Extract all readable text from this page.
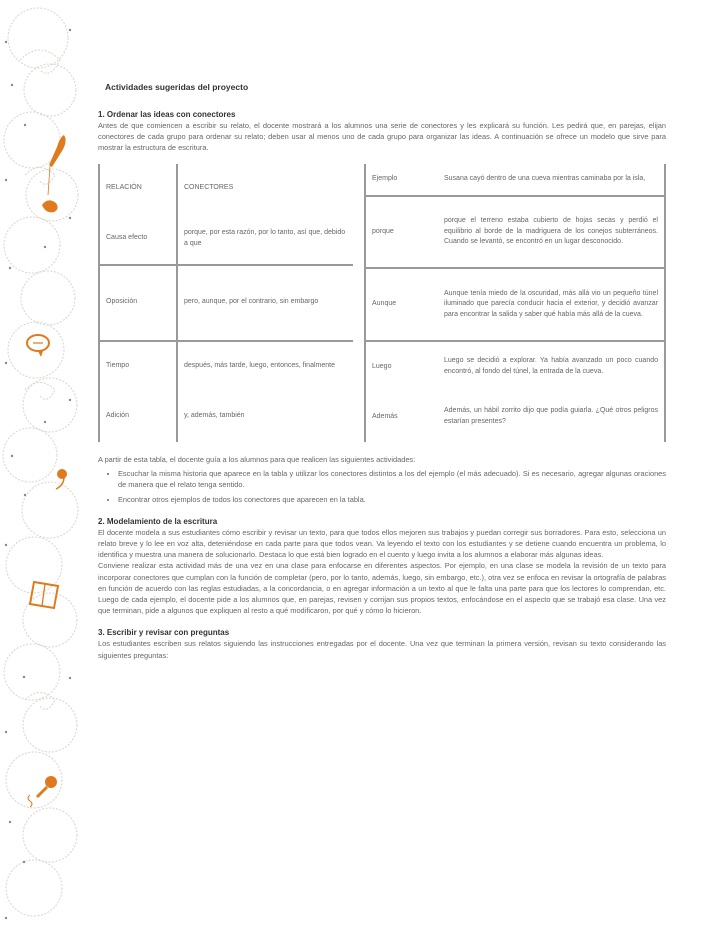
Actividades sugeridas del proyecto
1. Ordenar las ideas con conectores

Antes de que comiencen a escribir su relato, el docente mostrará a los alumnos una serie de conectores y les explicará su función. Les pedirá que, en parejas, elijan conectores de cada grupo para ordenar su relato; deben usar al menos uno de cada grupo para organizar las ideas. A continuación se ofrece un modelo que sirve para mostrar la estructura de escritura.

RELACIÓN	CONECTORES
Causa efecto	porque, por esta razón, por lo tanto, así que, debido a que
Oposición	pero, aunque, por el contrario, sin embargo
Tiempo	después, más tarde, luego, entonces, finalmente
Adición	y, además, también
Ejemplo	Susana cayó dentro de una cueva mientras caminaba por la isla,
porque	porque el terreno estaba cubierto de hojas secas y perdió el equilibrio al borde de la madriguera de los conejos subterráneos. Cuando se levantó, se encontró en un lugar desconocido.
Aunque	Aunque tenía miedo de la oscuridad, más allá vio un pequeño túnel iluminado que parecía conducir hacia el exterior, y decidió avanzar para encontrar la salida y saber qué había más allá de la cueva.
Luego	Luego se decidió a explorar. Ya había avanzado un poco cuando encontró, al fondo del túnel, la entrada de la cueva.
Además	Además, un hábil zorrito dijo que podía guiarla. ¿Qué otros peligros estarían presentes?

A partir de esta tabla, el docente guía a los alumnos para que realicen las siguientes actividades:

• Escuchar la misma historia que aparece en la tabla y utilizar los conectores distintos a los del ejemplo (el más adecuado). Si es necesario, agregar algunas oraciones de manera que el relato tenga sentido.
• Encontrar otros ejemplos de todos los conectores que aparecen en la tabla.
2. Modelamiento de la escritura

El docente modela a sus estudiantes cómo escribir y revisar un texto, para que todos ellos mejoren sus trabajos y puedan corregir sus borradores. Para esto, selecciona un relato breve y lo lee en voz alta, deteniéndose en cada parte para que todos vean. Va leyendo el texto con los estudiantes y se detiene cuando encuentra un problema, lo identifica y muestra una manera de solucionarlo. Destaca lo que está bien logrado en el cuento y luego invita a los alumnos a elaborar más algunas ideas.

Conviene realizar esta actividad más de una vez en una clase para enfocarse en diferentes aspectos. Por ejemplo, en una clase se modela la revisión de un texto para incorporar conectores que cumplan con la función de completar (pero, por lo tanto, además, luego, sin embargo, etc.), otra vez se enfoca en revisar la ortografía de palabras en función de acuerdo con las reglas estudiadas, a la concordancia, o en agregar información a un texto al que le falta una parte para que los lectores lo comprendan, etc. Luego de cada ejemplo, el docente pide a los alumnos que, en parejas, revisen y corrijan sus propios textos, enfocándose en el aspecto que se trabajó esa clase. Una vez que terminan, pide a algunos que expliquen al resto a qué modificaron, por qué y cómo lo hicieron.

3. Escribir y revisar con preguntas

Los estudiantes escriben sus relatos siguiendo las instrucciones entregadas por el docente. Una vez que terminan la primera versión, revisan su texto considerando las siguientes preguntas:
